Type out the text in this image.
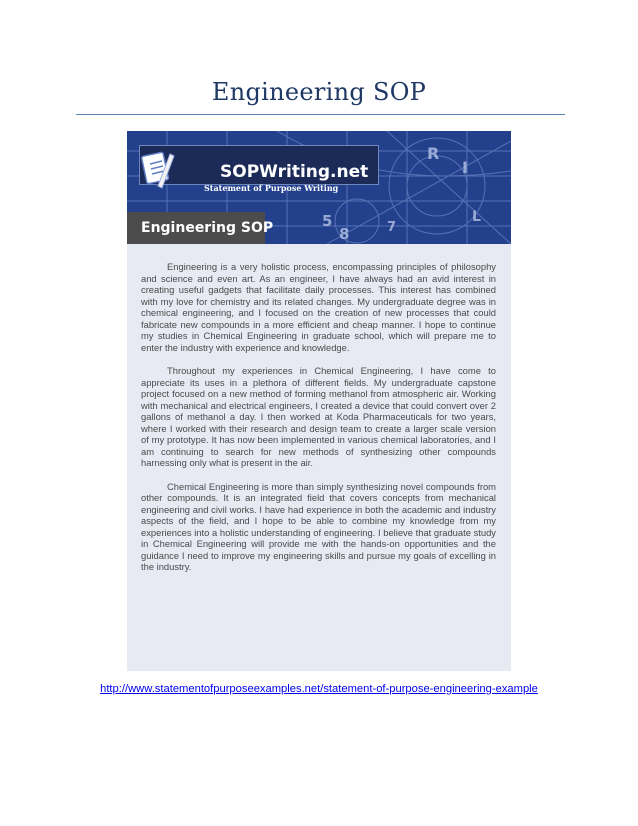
Engineering SOP
R
I
5
8	7
L
SOPWriting.net
Statement of Purpose Writing
Engineering SOP

Engineering is a very holistic process, encompassing principles of philosophy and science and even art. As an engineer, I have always had an avid interest in creating useful gadgets that facilitate daily processes. This interest has combined with my love for chemistry and its related changes. My undergraduate degree was in chemical engineering, and I focused on the creation of new processes that could fabricate new compounds in a more efficient and cheap manner. I hope to continue my studies in Chemical Engineering in graduate school, which will prepare me to enter the industry with experience and knowledge.

Throughout my experiences in Chemical Engineering, I have come to appreciate its uses in a plethora of different fields. My undergraduate capstone project focused on a new method of forming methanol from atmospheric air. Working with mechanical and electrical engineers, I created a device that could convert over 2 gallons of methanol a day. I then worked at Koda Pharmaceuticals for two years, where I worked with their research and design team to create a larger scale version of my prototype. It has now been implemented in various chemical laboratories, and I am continuing to search for new methods of synthesizing other compounds harnessing only what is present in the air.

Chemical Engineering is more than simply synthesizing novel compounds from other compounds. It is an integrated field that covers concepts from mechanical engineering and civil works. I have had experience in both the academic and industry aspects of the field, and I hope to be able to combine my knowledge from my experiences into a holistic understanding of engineering. I believe that graduate study in Chemical Engineering will provide me with the hands-on opportunities and the guidance I need to improve my engineering skills and pursue my goals of excelling in the industry.

http://www.statementofpurposeexamples.net/statement-of-purpose-engineering-example
